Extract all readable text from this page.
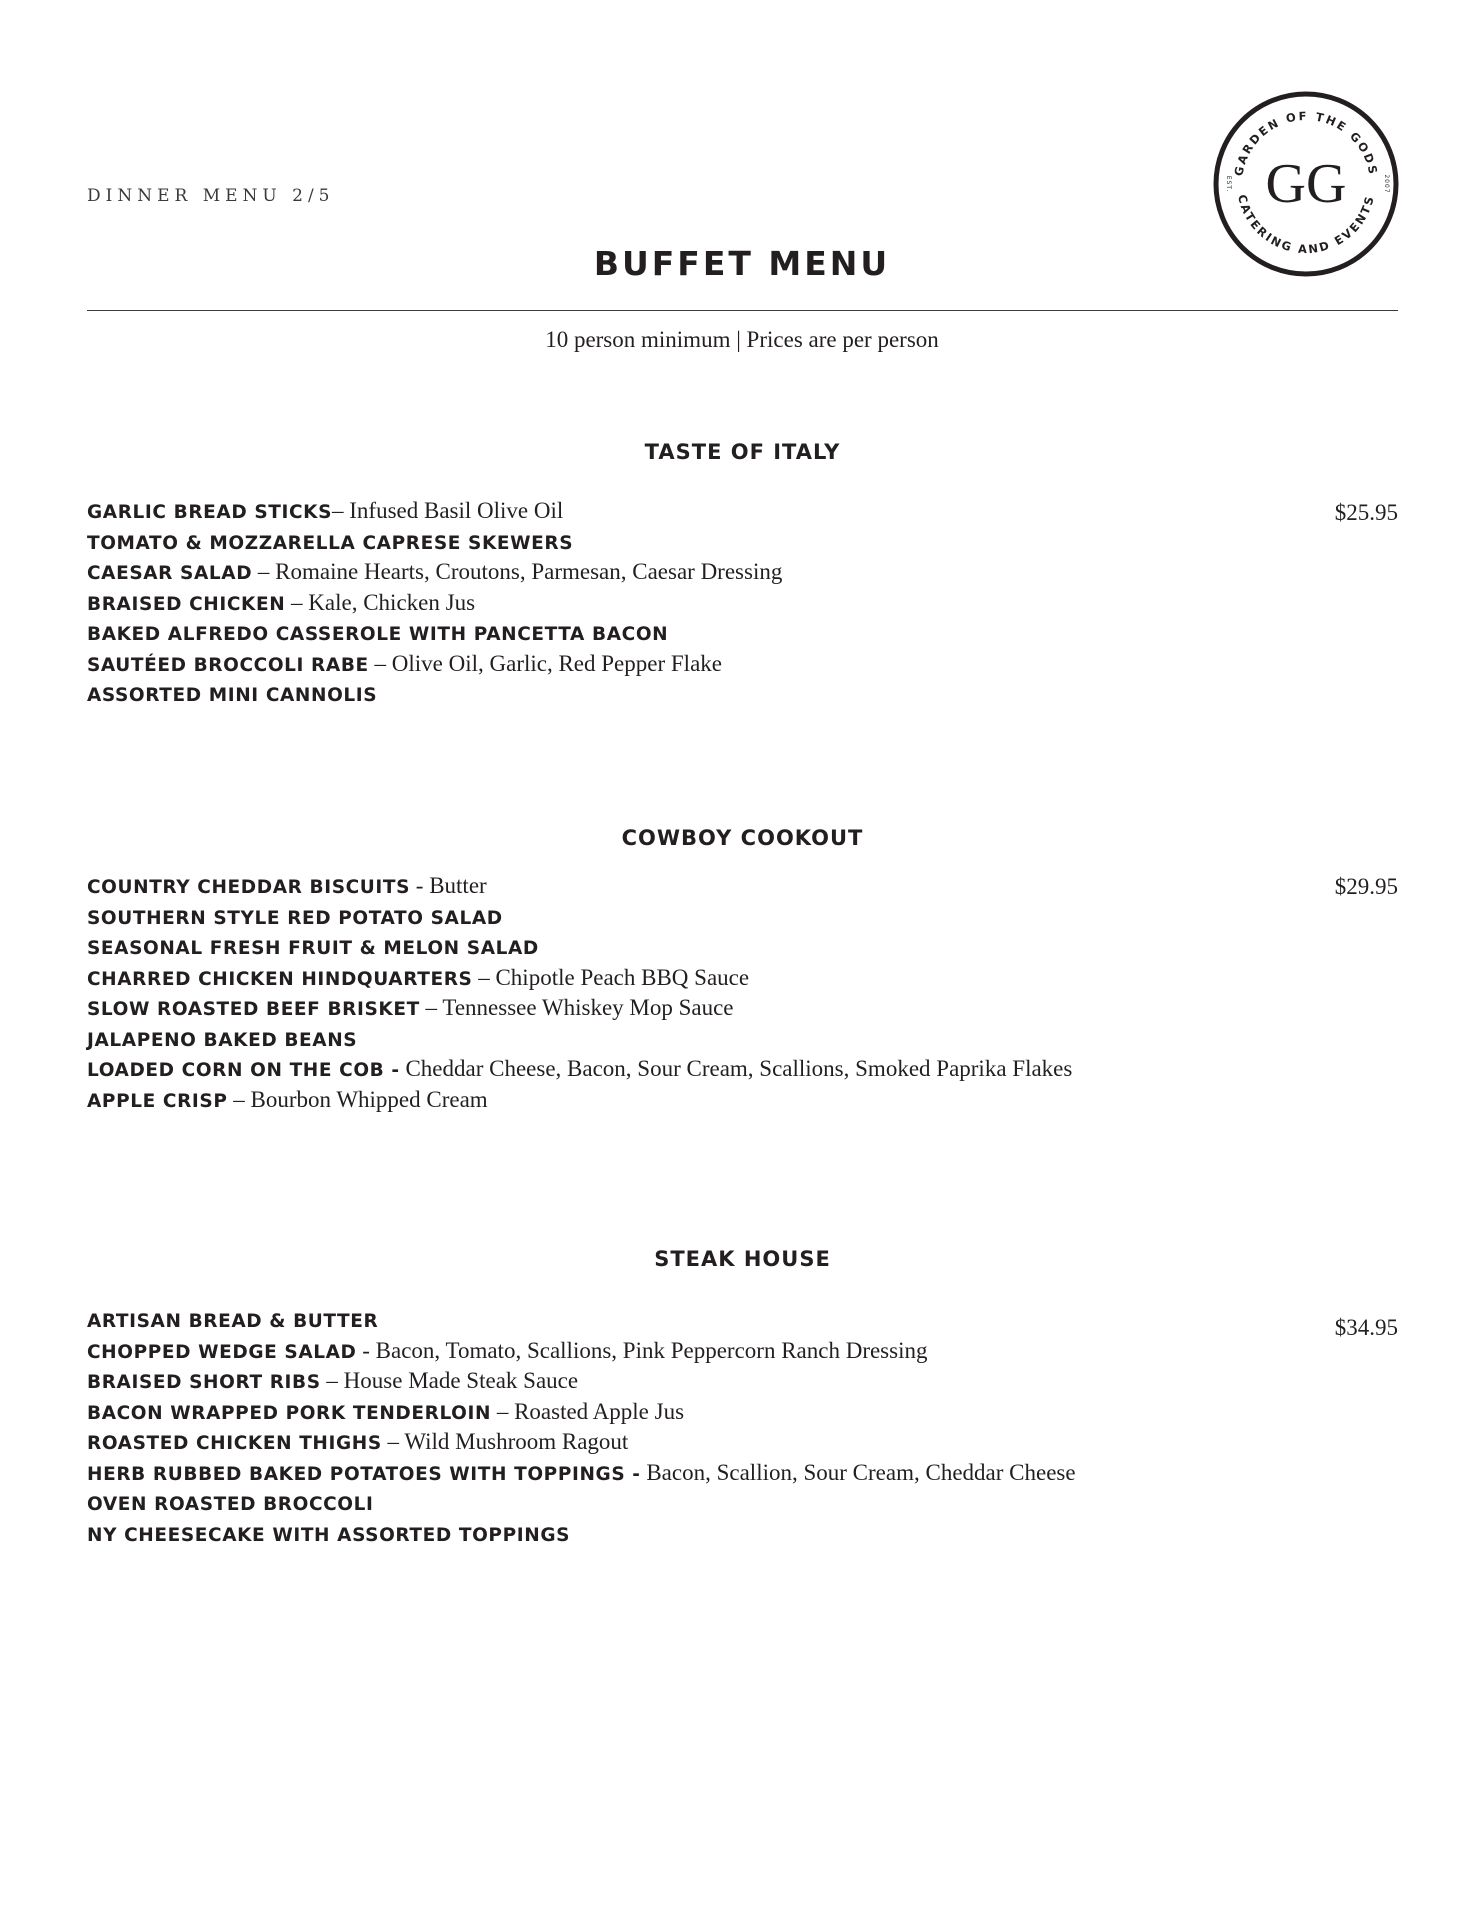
DINNER MENU 2/5
GARDEN OF THE GODS
CATERING AND EVENTS
EST.	2007
GG
BUFFET MENU
10 person minimum | Prices are per person
TASTE OF ITALY
$25.95
GARLIC BREAD STICKS– Infused Basil Olive Oil
TOMATO & MOZZARELLA CAPRESE SKEWERS
CAESAR SALAD – Romaine Hearts, Croutons, Parmesan, Caesar Dressing
BRAISED CHICKEN – Kale, Chicken Jus
BAKED ALFREDO CASSEROLE WITH PANCETTA BACON
SAUTÉED BROCCOLI RABE – Olive Oil, Garlic, Red Pepper Flake
ASSORTED MINI CANNOLIS
COWBOY COOKOUT
$29.95
COUNTRY CHEDDAR BISCUITS - Butter
SOUTHERN STYLE RED POTATO SALAD
SEASONAL FRESH FRUIT & MELON SALAD
CHARRED CHICKEN HINDQUARTERS – Chipotle Peach BBQ Sauce
SLOW ROASTED BEEF BRISKET – Tennessee Whiskey Mop Sauce
JALAPENO BAKED BEANS
LOADED CORN ON THE COB - Cheddar Cheese, Bacon, Sour Cream, Scallions, Smoked Paprika Flakes
APPLE CRISP – Bourbon Whipped Cream
STEAK HOUSE
$34.95
ARTISAN BREAD & BUTTER
CHOPPED WEDGE SALAD - Bacon, Tomato, Scallions, Pink Peppercorn Ranch Dressing
BRAISED SHORT RIBS – House Made Steak Sauce
BACON WRAPPED PORK TENDERLOIN – Roasted Apple Jus
ROASTED CHICKEN THIGHS – Wild Mushroom Ragout
HERB RUBBED BAKED POTATOES WITH TOPPINGS - Bacon, Scallion, Sour Cream, Cheddar Cheese
OVEN ROASTED BROCCOLI
NY CHEESECAKE WITH ASSORTED TOPPINGS
